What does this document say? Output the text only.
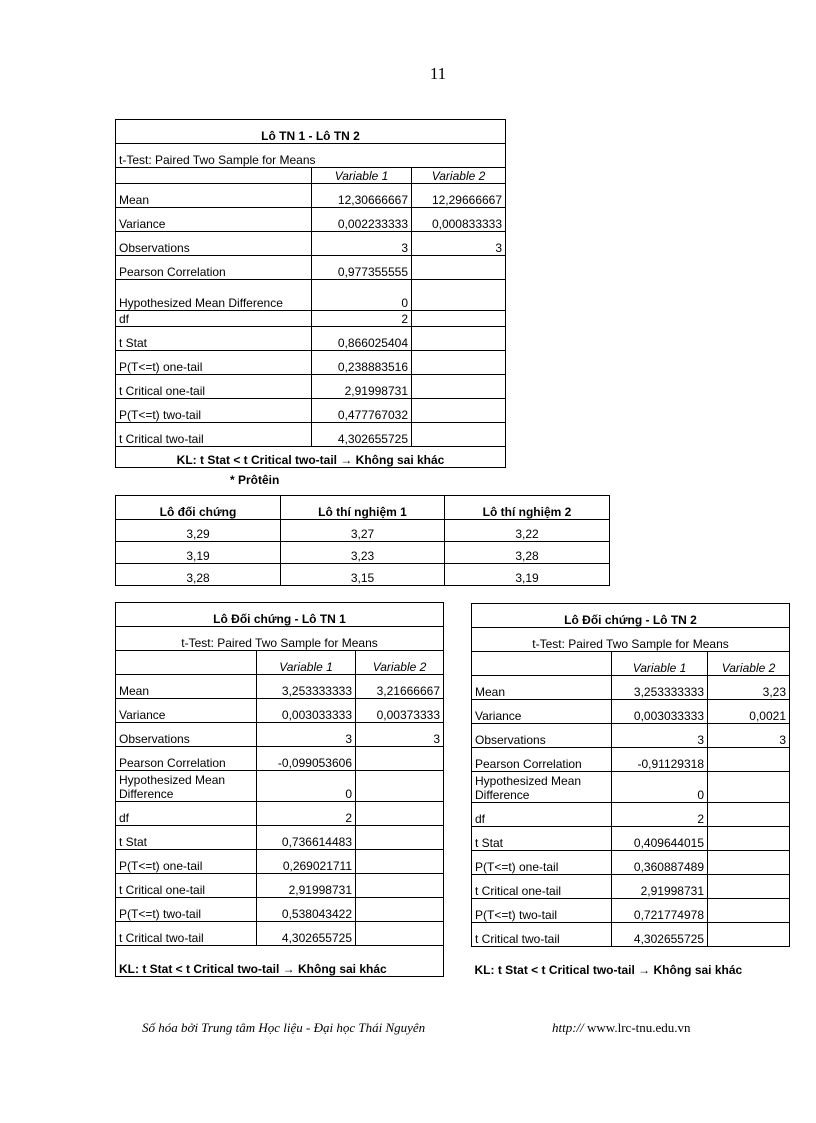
11
Lô TN 1 - Lô TN 2		
t-Test: Paired Two Sample for Means		
	Variable 1	Variable 2
Mean	12,30666667	12,29666667
Variance	0,002233333	0,000833333
Observations	3	3
Pearson Correlation	0,977355555	
Hypothesized Mean Difference	0	
df	2	
t Stat	0,866025404	
P(T<=t) one-tail	0,238883516	
t Critical one-tail	2,91998731	
P(T<=t) two-tail	0,477767032	
t Critical two-tail	4,302655725	
KL: t Stat < t Critical two-tail → Không sai khác		
* Prôtêin
Lô đối chứng	Lô thí nghiệm 1	Lô thí nghiệm 2
3,29	3,27	3,22
3,19	3,23	3,28
3,28	3,15	3,19
Lô Đối chứng - Lô TN 1		
t-Test: Paired Two Sample for Means		
	Variable 1	Variable 2
Mean	3,253333333	3,21666667
Variance	0,003033333	0,00373333
Observations	3	3
Pearson Correlation	-0,099053606	
Hypothesized Mean Difference	0	
df	2	
t Stat	0,736614483	
P(T<=t) one-tail	0,269021711	
t Critical one-tail	2,91998731	
P(T<=t) two-tail	0,538043422	
t Critical two-tail	4,302655725	
KL: t Stat < t Critical two-tail → Không sai khác		
Lô Đối chứng - Lô TN 2		
t-Test: Paired Two Sample for Means		
	Variable 1	Variable 2
Mean	3,253333333	3,23
Variance	0,003033333	0,0021
Observations	3	3
Pearson Correlation	-0,91129318	
Hypothesized Mean Difference	0	
df	2	
t Stat	0,409644015	
P(T<=t) one-tail	0,360887489	
t Critical one-tail	2,91998731	
P(T<=t) two-tail	0,721774978	
t Critical two-tail	4,302655725	
KL: t Stat < t Critical two-tail → Không sai khác		
Số hóa bởi Trung tâm Học liệu - Đại học Thái Nguyên	http:// www.lrc-tnu.edu.vn
